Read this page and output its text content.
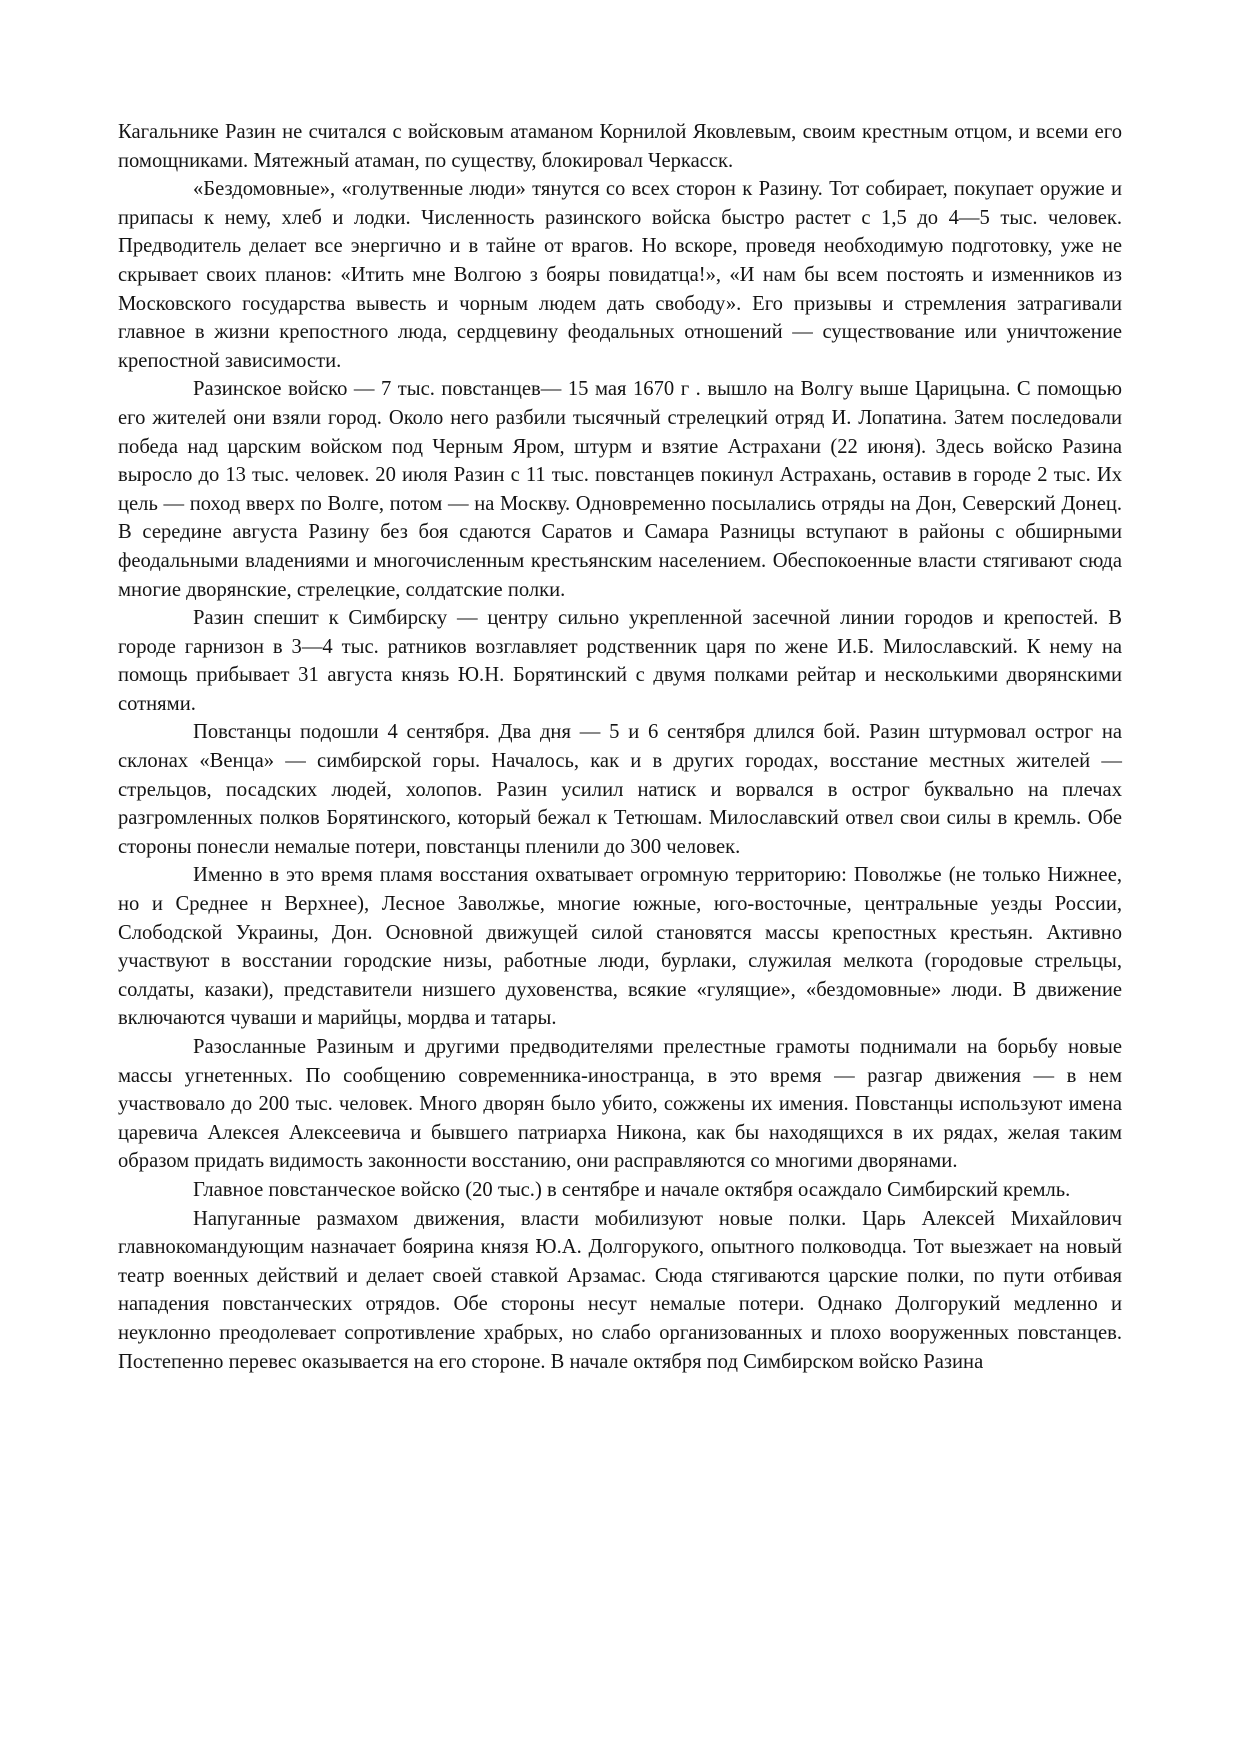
Кагальнике Разин не считался с войсковым атаманом Корнилой Яковлевым, своим крестным отцом, и всеми его помощниками. Мятежный атаман, по существу, блокировал Черкасск.

«Бездомовные», «голутвенные люди» тянутся со всех сторон к Разину. Тот собирает, покупает оружие и припасы к нему, хлеб и лодки. Численность разинского войска быстро растет с 1,5 до 4—5 тыс. человек. Предводитель делает все энергично и в тайне от врагов. Но вскоре, проведя необходимую подготовку, уже не скрывает своих планов: «Итить мне Волгою з бояры повидатца!», «И нам бы всем постоять и изменников из Московского государства вывесть и чорным людем дать свободу». Его призывы и стремления затрагивали главное в жизни крепостного люда, сердцевину феодальных отношений — существование или уничтожение крепостной зависимости.

Разинское войско — 7 тыс. повстанцев— 15 мая 1670 г . вышло на Волгу выше Царицына. С помощью его жителей они взяли город. Около него разбили тысячный стрелецкий отряд И. Лопатина. Затем последовали победа над царским войском под Черным Яром, штурм и взятие Астрахани (22 июня). Здесь войско Разина выросло до 13 тыс. человек. 20 июля Разин с 11 тыс. повстанцев покинул Астрахань, оставив в городе 2 тыс. Их цель — поход вверх по Волге, потом — на Москву. Одновременно посылались отряды на Дон, Северский Донец. В середине августа Разину без боя сдаются Саратов и Самара Разницы вступают в районы с обширными феодальными владениями и многочисленным крестьянским населением. Обеспокоенные власти стягивают сюда многие дворянские, стрелецкие, солдатские полки.

Разин спешит к Симбирску — центру сильно укрепленной засечной линии городов и крепостей. В городе гарнизон в 3—4 тыс. ратников возглавляет родственник царя по жене И.Б. Милославский. К нему на помощь прибывает 31 августа князь Ю.Н. Борятинский с двумя полками рейтар и несколькими дворянскими сотнями.

Повстанцы подошли 4 сентября. Два дня — 5 и 6 сентября длился бой. Разин штурмовал острог на склонах «Венца» — симбирской горы. Началось, как и в других городах, восстание местных жителей — стрельцов, посадских людей, холопов. Разин усилил натиск и ворвался в острог буквально на плечах разгромленных полков Борятинского, который бежал к Тетюшам. Милославский отвел свои силы в кремль. Обе стороны понесли немалые потери, повстанцы пленили до 300 человек.

Именно в это время пламя восстания охватывает огромную территорию: Поволжье (не только Нижнее, но и Среднее н Верхнее), Лесное Заволжье, многие южные, юго-восточные, центральные уезды России, Слободской Украины, Дон. Основной движущей силой становятся массы крепостных крестьян. Активно участвуют в восстании городские низы, работные люди, бурлаки, служилая мелкота (городовые стрельцы, солдаты, казаки), представители низшего духовенства, всякие «гулящие», «бездомовные» люди. В движение включаются чуваши и марийцы, мордва и татары.

Разосланные Разиным и другими предводителями прелестные грамоты поднимали на борьбу новые массы угнетенных. По сообщению современника-иностранца, в это время — разгар движения — в нем участвовало до 200 тыс. человек. Много дворян было убито, сожжены их имения. Повстанцы используют имена царевича Алексея Алексеевича и бывшего патриарха Никона, как бы находящихся в их рядах, желая таким образом придать видимость законности восстанию, они расправляются со многими дворянами.

Главное повстанческое войско (20 тыс.) в сентябре и начале октября осаждало Симбирский кремль.

Напуганные размахом движения, власти мобилизуют новые полки. Царь Алексей Михайлович главнокомандующим назначает боярина князя Ю.А. Долгорукого, опытного полководца. Тот выезжает на новый театр военных действий и делает своей ставкой Арзамас. Сюда стягиваются царские полки, по пути отбивая нападения повстанческих отрядов. Обе стороны несут немалые потери. Однако Долгорукий медленно и неуклонно преодолевает сопротивление храбрых, но слабо организованных и плохо вооруженных повстанцев. Постепенно перевес оказывается на его стороне. В начале октября под Симбирском войско Разина
